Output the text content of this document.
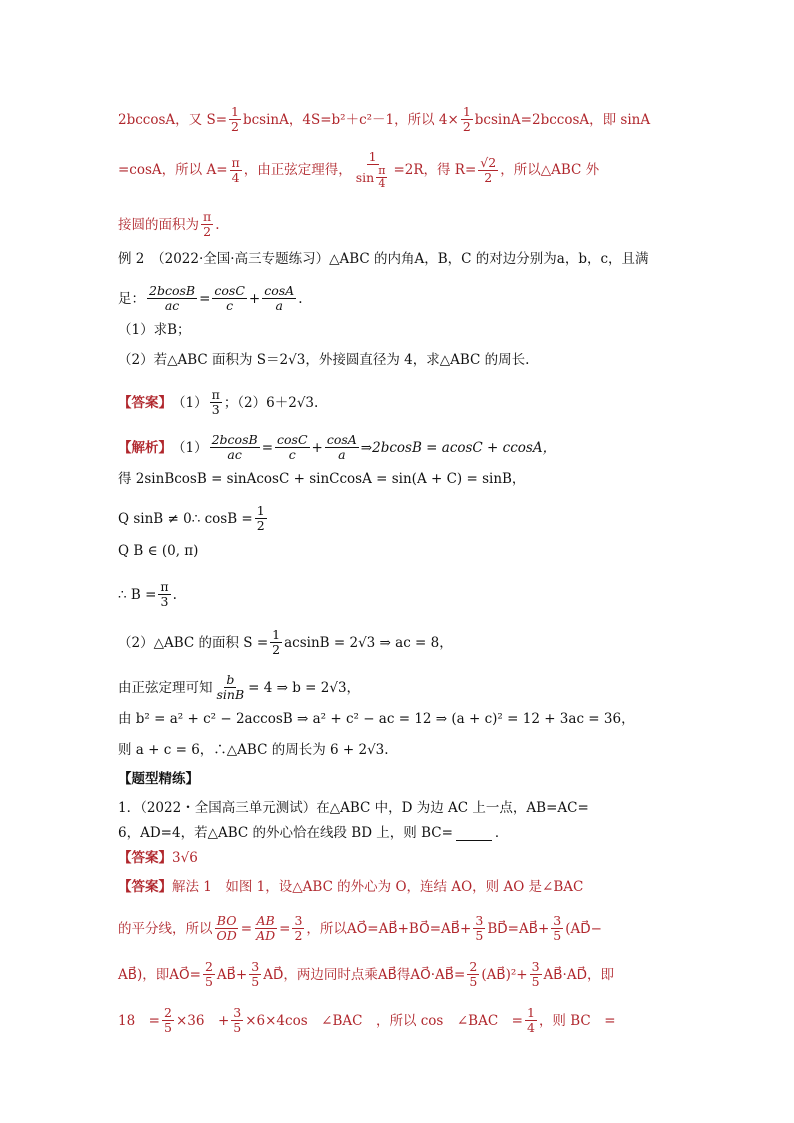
2bccosA，又 $S= \frac{1}{2}$ bcsinA，4S=b²＋c²－1，所以 $4\times \frac{1}{2} bcsinA=2bccosA$，即 sinA
=cosA，所以 $A= \frac{\pi}{4}$ ，由正弦定理得， $\frac{1}{\sin \frac{\pi}{4}} =2R$，得 $R= \frac{√2}{2}$ ，所以△ABC 外
接圆的面积为 $\frac{\pi}{2}$ .
例 2　（2022·全国·高三专题练习）△ABC 的内角A，B，C 的对边分别为a，b，c，且满
足： $\frac{2bcosB}{ac} = \frac{\cos C}{c} + \frac{\cos A}{a}$ .
（1）求B；
（2）若△ABC 面积为 S＝2√3，外接圆直径为 4，求△ABC 的周长.
【答案】 $(1) \frac{\pi}{3}$ ；（2）6＋2√3.
【解析】 $(1) \frac{2bcosB}{ac} = \frac{\cos C}{c} + \frac{\cos A}{a}$ ⇒2bcosB = acosC + ccosA，
得 2sinBcosB = sinAcosC + sinCcosA = sin(A + C) = sinB，
Q sinB ≠ 0∴ $\cos B = \frac{1}{2}$
Q B ∈ (0, π)
∴ $B = \frac{\pi}{3}$ .
（2）△ABC 的面积 $S = \frac{1}{2}$ acsinB = 2√3 ⇒ ac = 8，
由正弦定理可知 $\frac{b}{\sin B} = 4$ ⇒ b = 2√3，
由 b² = a² + c² − 2accosB ⇒ a² + c² − ac = 12 ⇒ (a + c)² = 12 + 3ac = 36，
则 a + c = 6，∴△ABC 的周长为 6 + 2√3.
【题型精练】
1．（2022・全国高三单元测试）在△ABC 中，D 为边 AC 上一点，AB=AC=
6，AD=4，若△ABC 的外心恰在线段 BD 上，则 BC=	．
【答案】 3√6
【答案】 解法 1　如图 1，设△ABC 的外心为 O，连结 AO，则 AO 是∠BAC
的平分线，所以 $\frac{BO}{OD} = \frac{AB}{AD} = \frac{3}{2}$ ，所以AO⃗=AB⃗+BO⃗=AB⃗+ $\frac{3}{5}$ BD⃗=AB⃗+ $\frac{3}{5}$ (AD⃗−
AB⃗)，即AO⃗= $\frac{2}{5}$ AB⃗+ $\frac{3}{5}$ AD⃗，两边同时点乘AB⃗得AO⃗·AB⃗= $\frac{2}{5}$ (AB⃗)²+ $\frac{3}{5}$ AB⃗·AD⃗，即
18　= $\frac{2}{5} \times 36$　+ $\frac{3}{5} \times 6\times 4\cos$　∠BAC　，所以 cos　∠BAC　= $\frac{1}{4}$ ，则 BC　=
